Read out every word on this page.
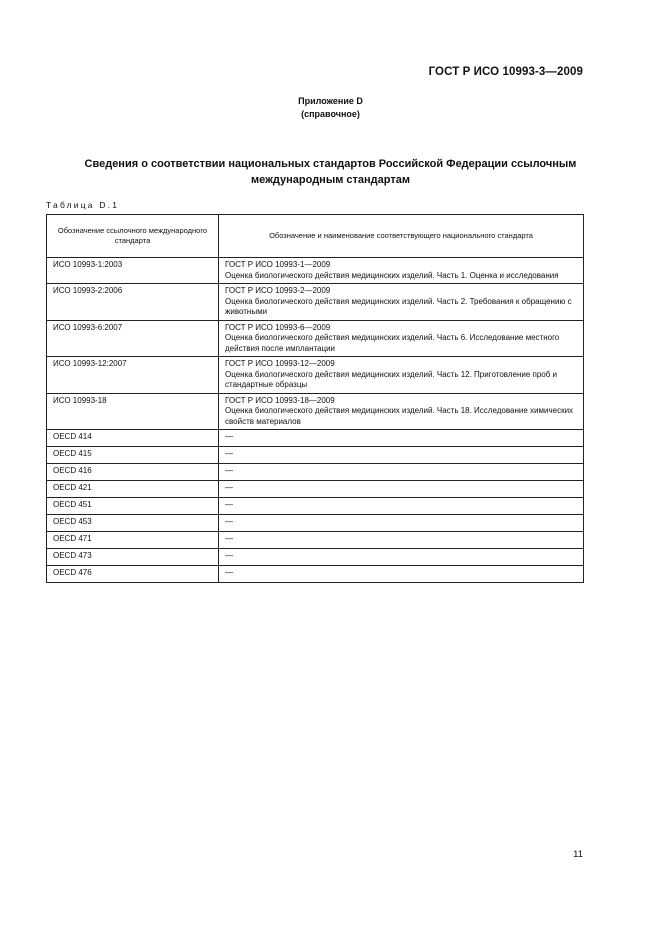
ГОСТ Р ИСО 10993-3—2009
Приложение D
(справочное)
Сведения о соответствии национальных стандартов Российской Федерации ссылочным
международным стандартам
Таблица D.1
Обозначение ссылочного международного стандарта	Обозначение и наименование соответствующего национального стандарта
ИСО 10993-1:2003	ГОСТ Р ИСО 10993-1—2009
Оценка биологического действия медицинских изделий. Часть 1. Оценка и исследования

ИСО 10993-2:2006	ГОСТ Р ИСО 10993-2—2009
Оценка биологического действия медицинских изделий. Часть 2. Требования к обращению с животными

ИСО 10993-6:2007	ГОСТ Р ИСО 10993-6—2009
Оценка биологического действия медицинских изделий. Часть 6. Исследование местного действия после имплантации

ИСО 10993-12:2007	ГОСТ Р ИСО 10993-12—2009
Оценка биологического действия медицинских изделий. Часть 12. Приготовление проб и стандартные образцы

ИСО 10993-18	ГОСТ Р ИСО 10993-18—2009
Оценка биологического действия медицинских изделий. Часть 18. Исследование химических свойств материалов

OECD 414	—
OECD 415	—
OECD 416	—
OECD 421	—
OECD 451	—
OECD 453	—
OECD 471	—
OECD 473	—
OECD 476	—
11
